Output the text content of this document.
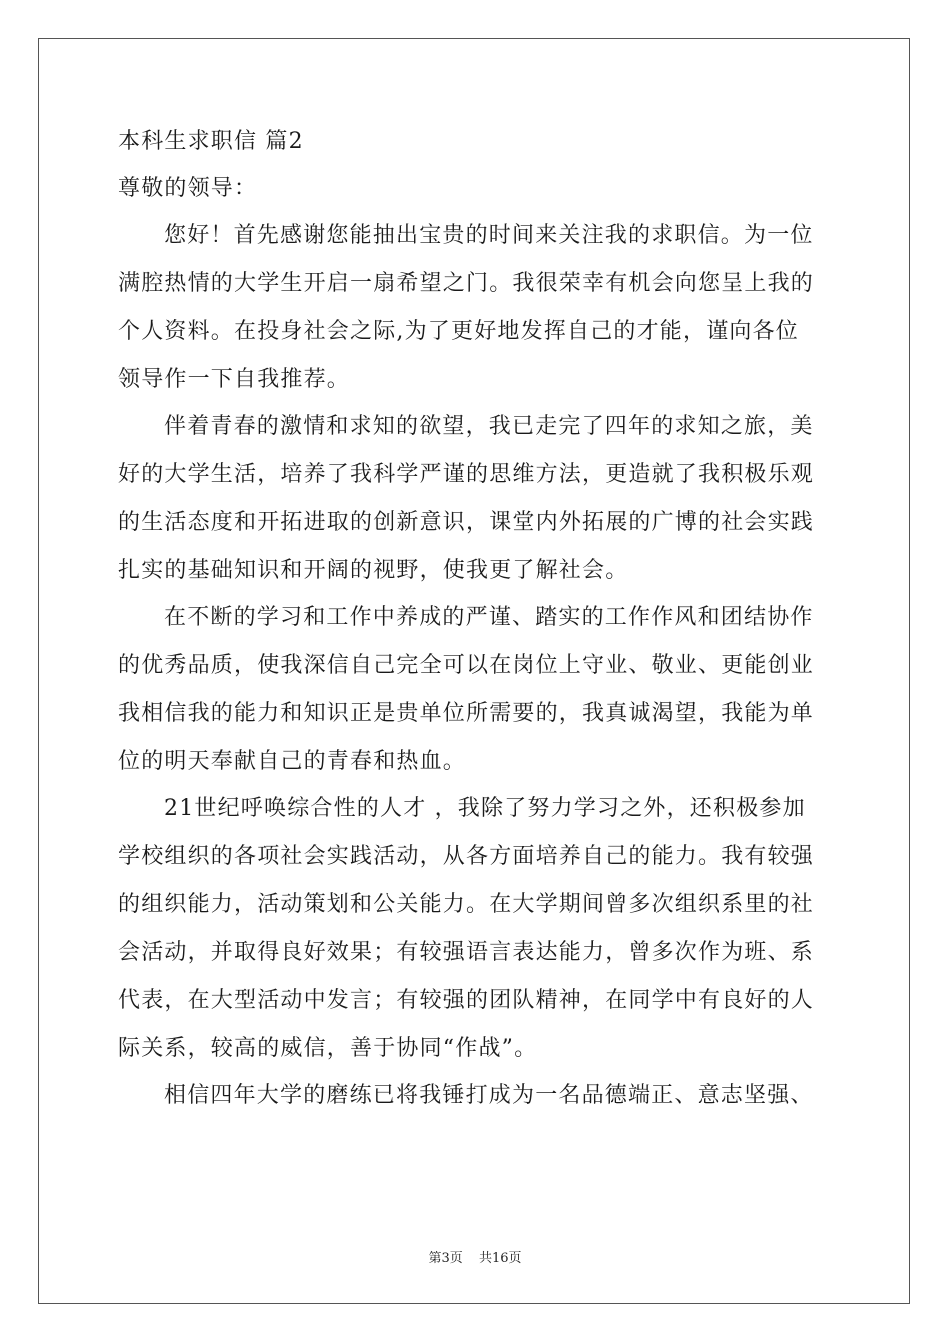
本科生求职信 篇2

尊敬的领导：

您好！首先感谢您能抽出宝贵的时间来关注我的求职信。为一位

满腔热情的大学生开启一扇希望之门。我很荣幸有机会向您呈上我的

个人资料。在投身社会之际,为了更好地发挥自己的才能，谨向各位

领导作一下自我推荐。

伴着青春的激情和求知的欲望，我已走完了四年的求知之旅，美

好的大学生活，培养了我科学严谨的思维方法，更造就了我积极乐观

的生活态度和开拓进取的创新意识，课堂内外拓展的广博的社会实践

扎实的基础知识和开阔的视野，使我更了解社会。

在不断的学习和工作中养成的严谨、踏实的工作作风和团结协作

的优秀品质，使我深信自己完全可以在岗位上守业、敬业、更能创业

我相信我的能力和知识正是贵单位所需要的，我真诚渴望，我能为单

位的明天奉献自己的青春和热血。

21世纪呼唤综合性的人才 ，我除了努力学习之外，还积极参加

学校组织的各项社会实践活动，从各方面培养自己的能力。我有较强

的组织能力，活动策划和公关能力。在大学期间曾多次组织系里的社

会活动，并取得良好效果；有较强语言表达能力，曾多次作为班、系

代表，在大型活动中发言；有较强的团队精神，在同学中有良好的人

际关系，较高的威信，善于协同“作战”。

相信四年大学的磨练已将我锤打成为一名品德端正、意志坚强、

第3页 共16页
